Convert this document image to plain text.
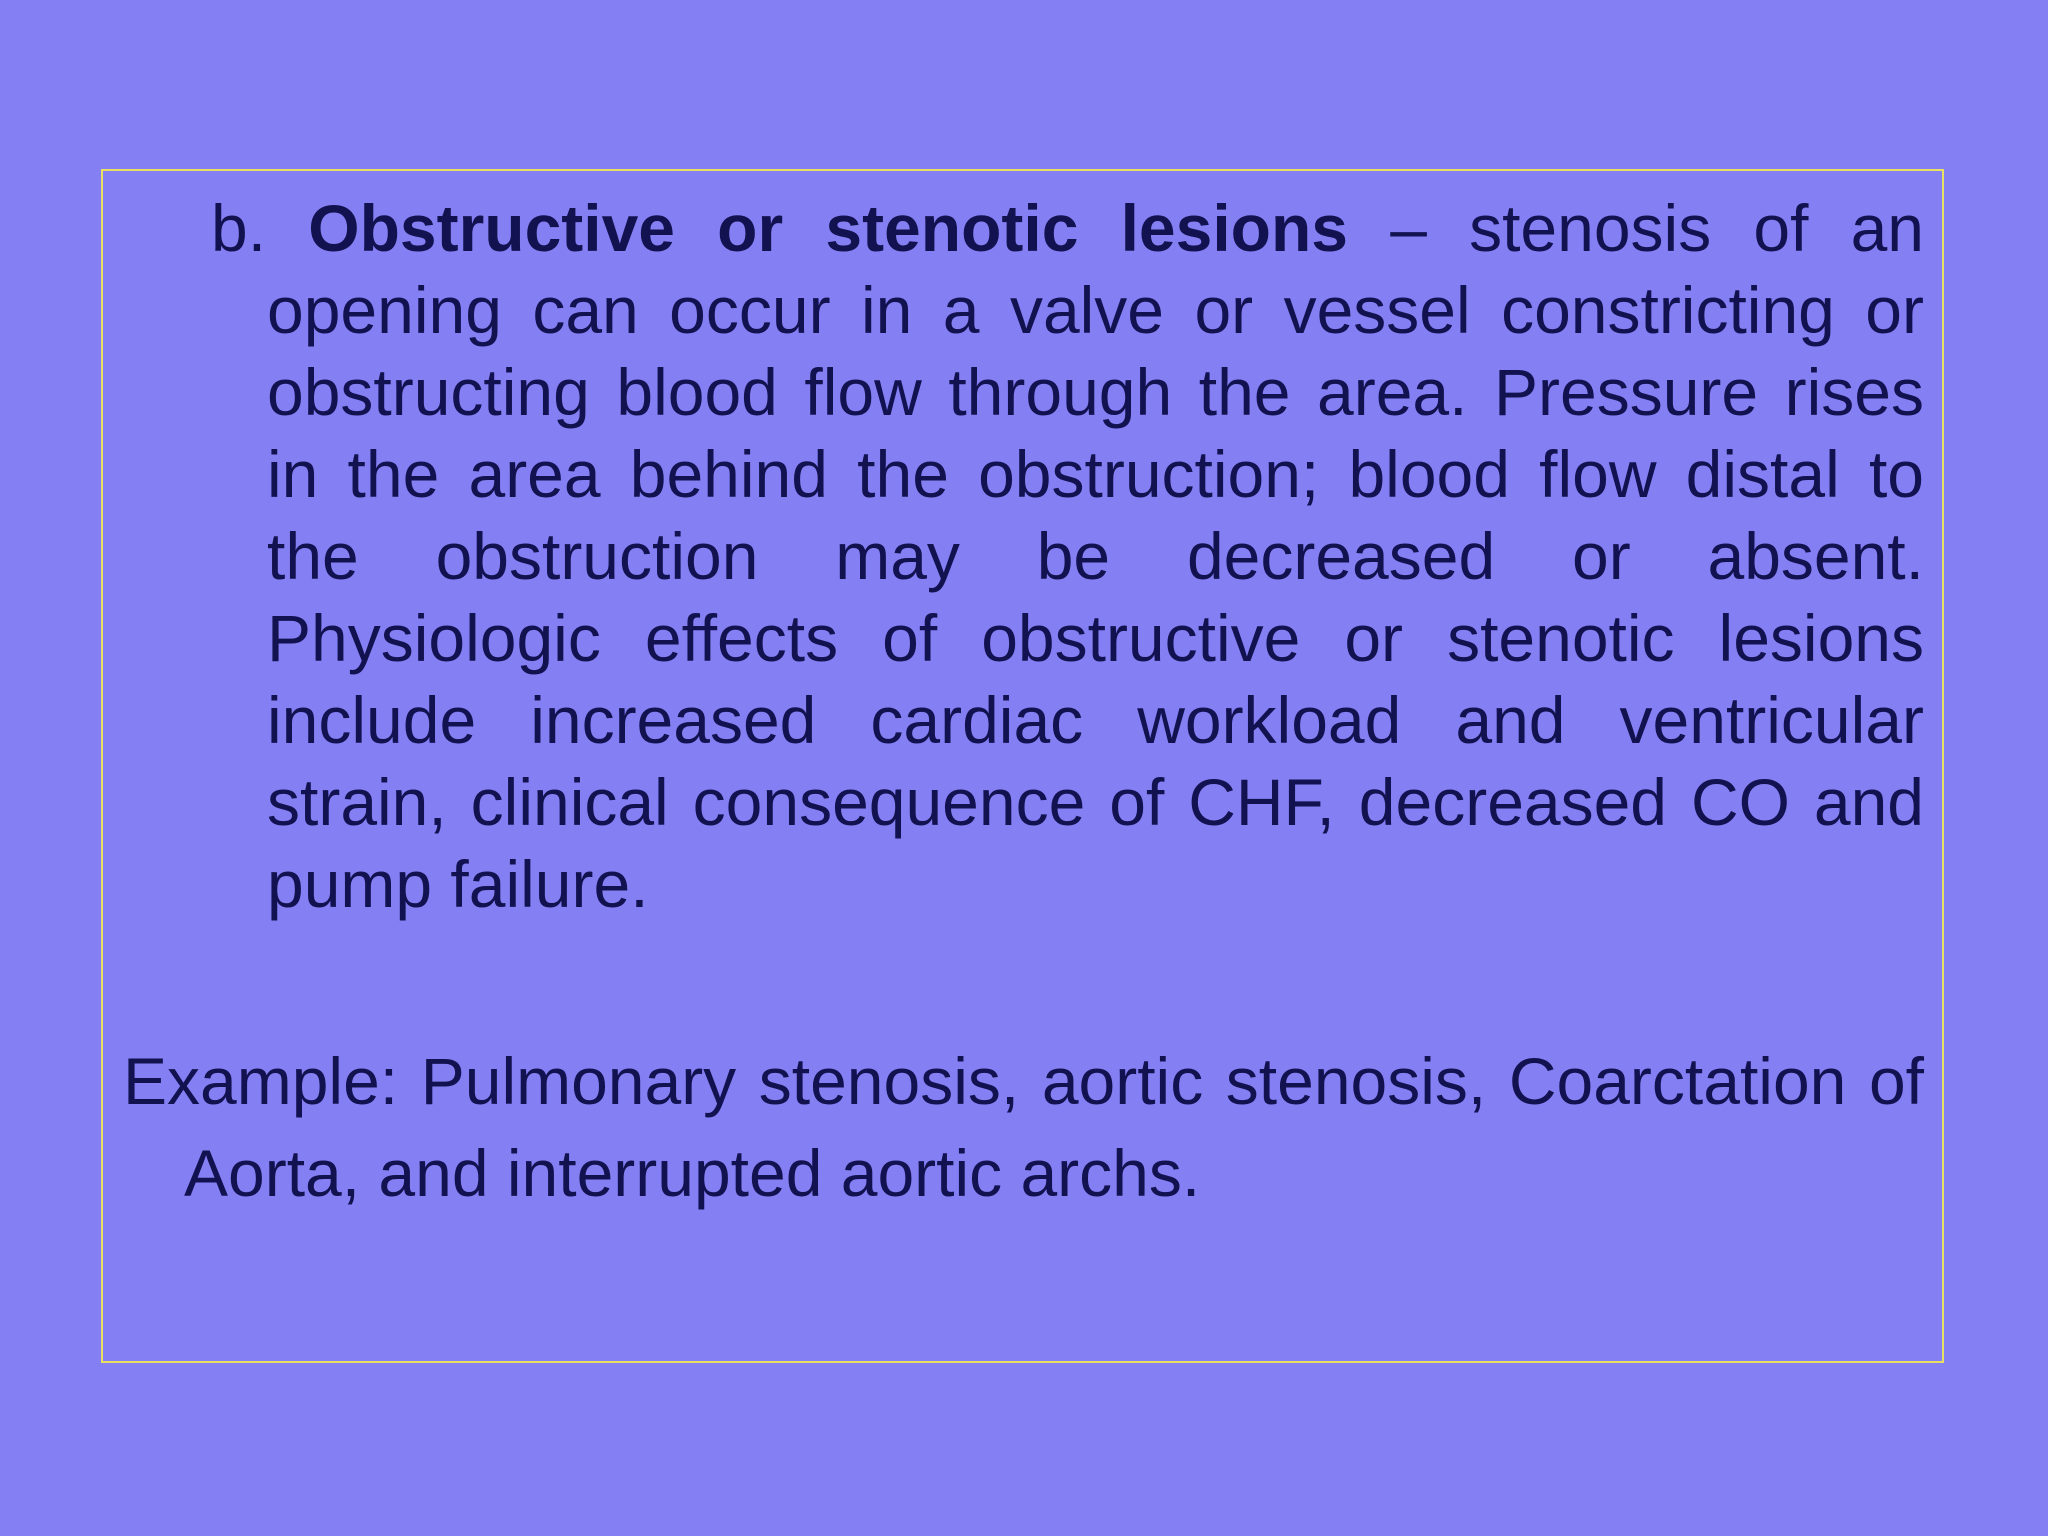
b. Obstructive or stenotic lesions – stenosis of an opening can occur in a valve or vessel constricting or obstructing blood flow through the area. Pressure rises in the area behind the obstruction; blood flow distal to the obstruction may be decreased or absent. Physiologic effects of obstructive or stenotic lesions include increased cardiac workload and ventricular strain, clinical consequence of CHF, decreased CO and pump failure.

Example: Pulmonary stenosis, aortic stenosis, Coarctation of Aorta, and interrupted aortic archs.
